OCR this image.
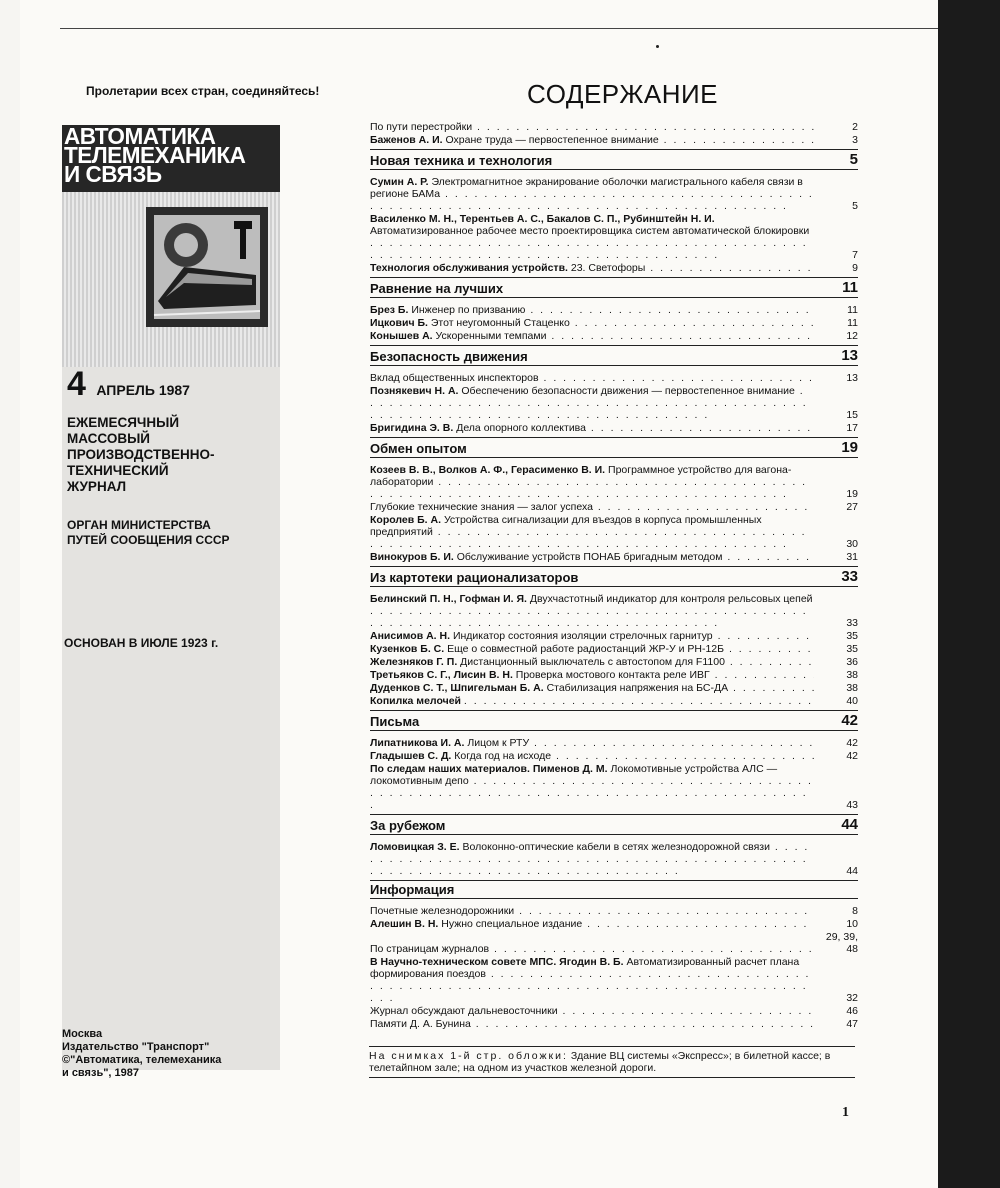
Пролетарии всех стран, соединяйтесь!
АВТОМАТИКА
ТЕЛЕМЕХАНИКА
И СВЯЗЬ
4 АПРЕЛЬ 1987
ЕЖЕМЕСЯЧНЫЙ
МАССОВЫЙ
ПРОИЗВОДСТВЕННО-
ТЕХНИЧЕСКИЙ
ЖУРНАЛ
ОРГАН МИНИСТЕРСТВА
ПУТЕЙ СООБЩЕНИЯ СССР
ОСНОВАН В ИЮЛЕ 1923 г.
Москва
Издательство "Транспорт"
©"Автоматика, телемеханика
и связь", 1987
СОДЕРЖАНИЕ
По пути перестройки . . .	2
Баженов А. И. Охране труда — первостепенное внимание . . .	3
Новая техника и технология	5
Сумин А. Р. Электромагнитное экранирование оболочки магистрального кабеля связи в регионе БАМа . . .
5
Василенко М. Н., Терентьев А. С., Бакалов С. П., Рубинштейн Н. И. Автоматизированное рабочее место проектировщика систем автоматической блокировки . . .
7
Технология обслуживания устройств. 23. Светофоры . . .	9
Равнение на лучших	11
Брез Б. Инженер по призванию . . .	11
Ицкович Б. Этот неугомонный Стаценко . . .	11
Конышев А. Ускоренными темпами . . .	12
Безопасность движения	13
Вклад общественных инспекторов . . .	13
Познякевич Н. А. Обеспечению безопасности движения — первостепенное внимание . . .
15
Бригидина Э. В. Дела опорного коллектива . . .	17
Обмен опытом	19
Козеев В. В., Волков А. Ф., Герасименко В. И. Программное устройство для вагона-лаборатории . . .
19
Глубокие технические знания — залог успеха . . .	27
Королев Б. А. Устройства сигнализации для въездов в корпуса промышленных предприятий . . .
30
Винокуров Б. И. Обслуживание устройств ПОНАБ бригадным методом . . .	31
Из картотеки рационализаторов	33
Белинский П. Н., Гофман И. Я. Двухчастотный индикатор для контроля рельсовых цепей . . .
33
Анисимов А. Н. Индикатор состояния изоляции стрелочных гарнитур . . .	35
Кузенков Б. С. Еще о совместной работе радиостанций ЖР-У и РН-12Б . . .	35
Железняков Г. П. Дистанционный выключатель с автостопом для F1100 . . .	36
Третьяков С. Г., Лисин В. Н. Проверка мостового контакта реле ИВГ . . .	38
Дуденков С. Т., Шпигельман Б. А. Стабилизация напряжения на БС-ДА . . .	38
Копилка мелочей . . .	40
Письма	42
Липатникова И. А. Лицом к РТУ . . .	42
Гладышев С. Д. Когда год на исходе . . .	42
По следам наших материалов. Пименов Д. М. Локомотивные устройства АЛС — локомотивным депо . . .
43
За рубежом	44
Ломовицкая З. Е. Волоконно-оптические кабели в сетях железнодорожной связи . . .
44
Информация
Почетные железнодорожники . . .	8
Алешин В. Н. Нужно специальное издание . . .	10
По страницам журналов . . .
29, 39, 48
В Научно-техническом совете МПС. Ягодин В. Б. Автоматизированный расчет плана формирования поездов . . .
32
Журнал обсуждают дальневосточники . . .	46
Памяти Д. А. Бунина . . .	47
На снимках 1-й стр. обложки: Здание ВЦ системы «Экспресс»; в билетной кассе; в телетайпном зале; на одном из участков железной дороги.
1
